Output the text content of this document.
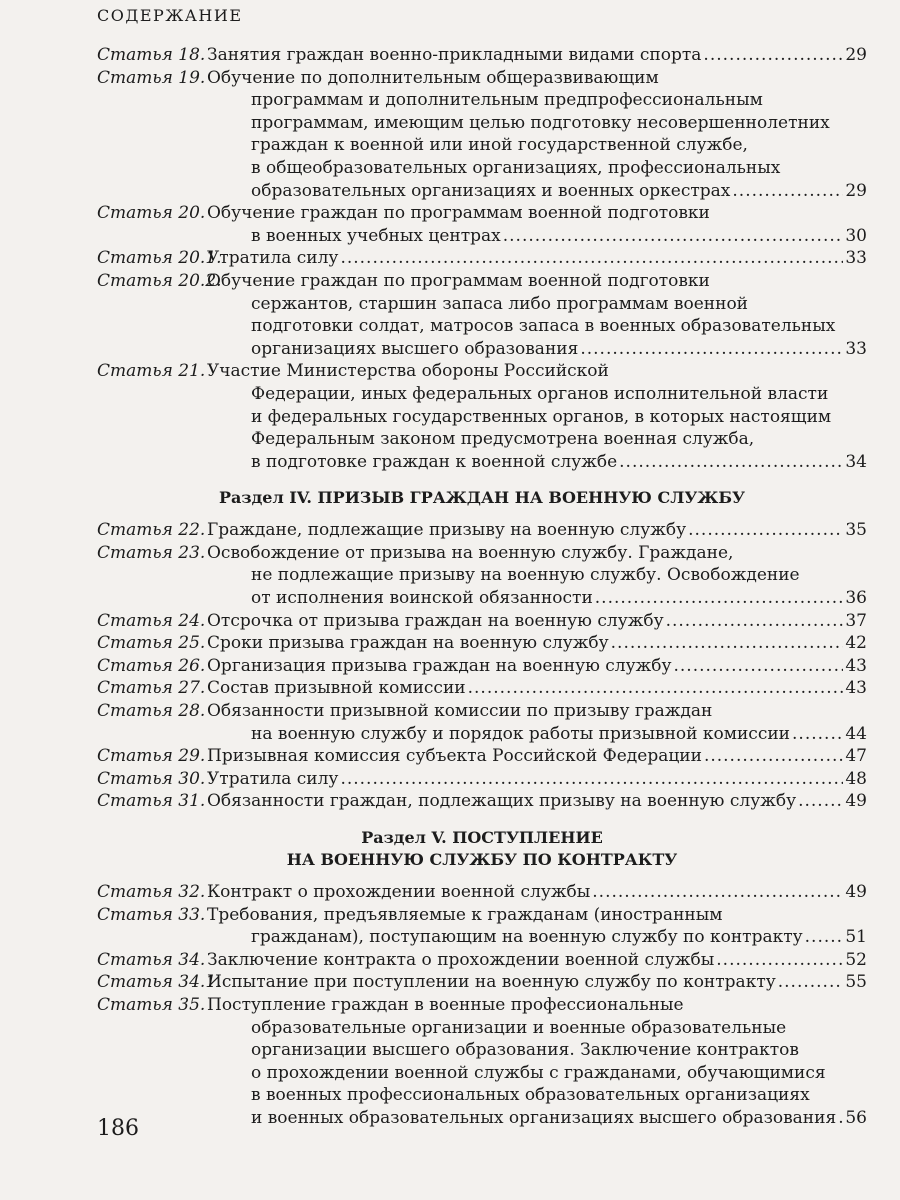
СОДЕРЖАНИЕ
Статья 18. Занятия граждан военно-прикладными видами спорта .....	29
Статья 19. Обучение по дополнительным общеразвивающим
программам и дополнительным предпрофессиональным
программам, имеющим целью подготовку несовершеннолетних
граждан к военной или иной государственной службе,
в общеобразовательных организациях, профессиональных
образовательных организациях и военных оркестрах .....	29
Статья 20. Обучение граждан по программам военной подготовки
в военных учебных центрах .....	30
Статья 20.1.
Утратила силу .....	33
Статья 20.2.
Обучение граждан по программам военной подготовки
сержантов, старшин запаса либо программам военной
подготовки солдат, матросов запаса в военных образовательных
организациях высшего образования .....	33
Статья 21. Участие Министерства обороны Российской
Федерации, иных федеральных органов исполнительной власти
и федеральных государственных органов, в которых настоящим
Федеральным законом предусмотрена военная служба,
в подготовке граждан к военной службе .....	34
Раздел IV. ПРИЗЫВ ГРАЖДАН НА ВОЕННУЮ СЛУЖБУ
Статья 22. Граждане, подлежащие призыву на военную службу .....	35
Статья 23. Освобождение от призыва на военную службу. Граждане,
не подлежащие призыву на военную службу. Освобождение
от исполнения воинской обязанности .....	36
Статья 24. Отсрочка от призыва граждан на военную службу .....	37
Статья 25. Сроки призыва граждан на военную службу .....	42
Статья 26. Организация призыва граждан на военную службу .....	43
Статья 27. Состав призывной комиссии .....	43
Статья 28. Обязанности призывной комиссии по призыву граждан
на военную службу и порядок работы призывной комиссии .....	44
Статья 29. Призывная комиссия субъекта Российской Федерации .....	47
Статья 30. Утратила силу .....	48
Статья 31. Обязанности граждан, подлежащих призыву на военную службу .....	49
Раздел V. ПОСТУПЛЕНИЕ
НА ВОЕННУЮ СЛУЖБУ ПО КОНТРАКТУ
Статья 32. Контракт о прохождении военной службы .....	49
Статья 33. Требования, предъявляемые к гражданам (иностранным
гражданам), поступающим на военную службу по контракту .....	51
Статья 34. Заключение контракта о прохождении военной службы .....	52
Статья 34.1.
Испытание при поступлении на военную службу по контракту .....	55
Статья 35. Поступление граждан в военные профессиональные
образовательные организации и военные образовательные
организации высшего образования. Заключение контрактов
о прохождении военной службы с гражданами, обучающимися
в военных профессиональных образовательных организациях
и военных образовательных организациях высшего образования ..... 56
186
